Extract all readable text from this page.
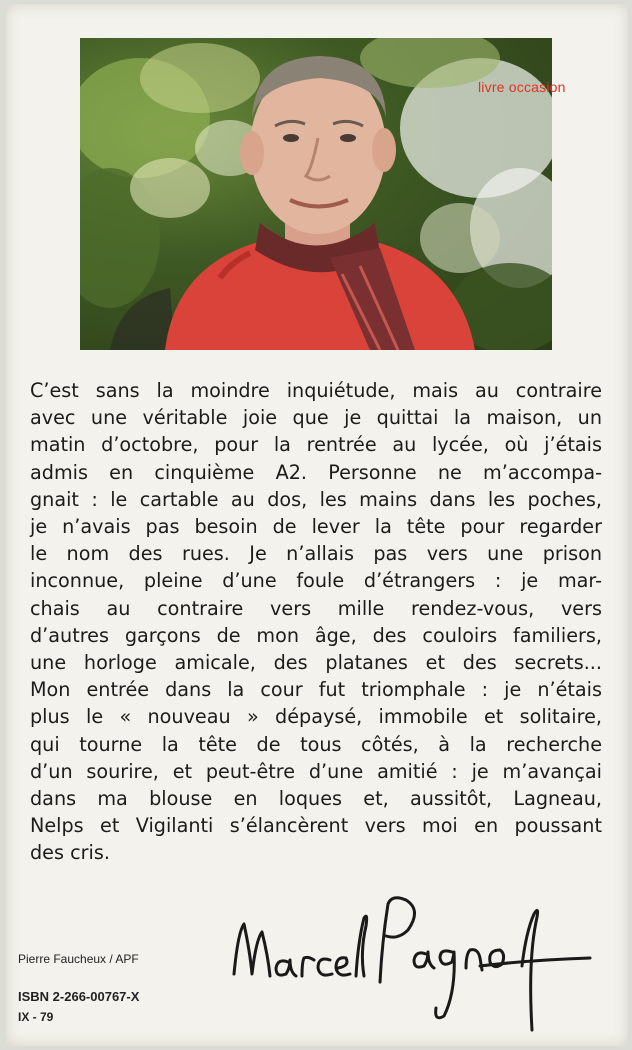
livre occasion
C’est sans la moindre inquiétude, mais au contraire
avec une véritable joie que je quittai la maison, un
matin d’octobre, pour la rentrée au lycée, où j’étais
admis en cinquième A2. Personne ne m’accompa-
gnait : le cartable au dos, les mains dans les poches,
je n’avais pas besoin de lever la tête pour regarder
le nom des rues. Je n’allais pas vers une prison
inconnue, pleine d’une foule d’étrangers : je mar-
chais au contraire vers mille rendez-vous, vers
d’autres garçons de mon âge, des couloirs familiers,
une horloge amicale, des platanes et des secrets...
Mon entrée dans la cour fut triomphale : je n’étais
plus le « nouveau » dépaysé, immobile et solitaire,
qui tourne la tête de tous côtés, à la recherche
d’un sourire, et peut-être d’une amitié : je m’avançai
dans ma blouse en loques et, aussitôt, Lagneau,
Nelps et Vigilanti s’élancèrent vers moi en poussant
des cris.
Pierre Faucheux / APF
ISBN 2-266-00767-X
IX - 79
